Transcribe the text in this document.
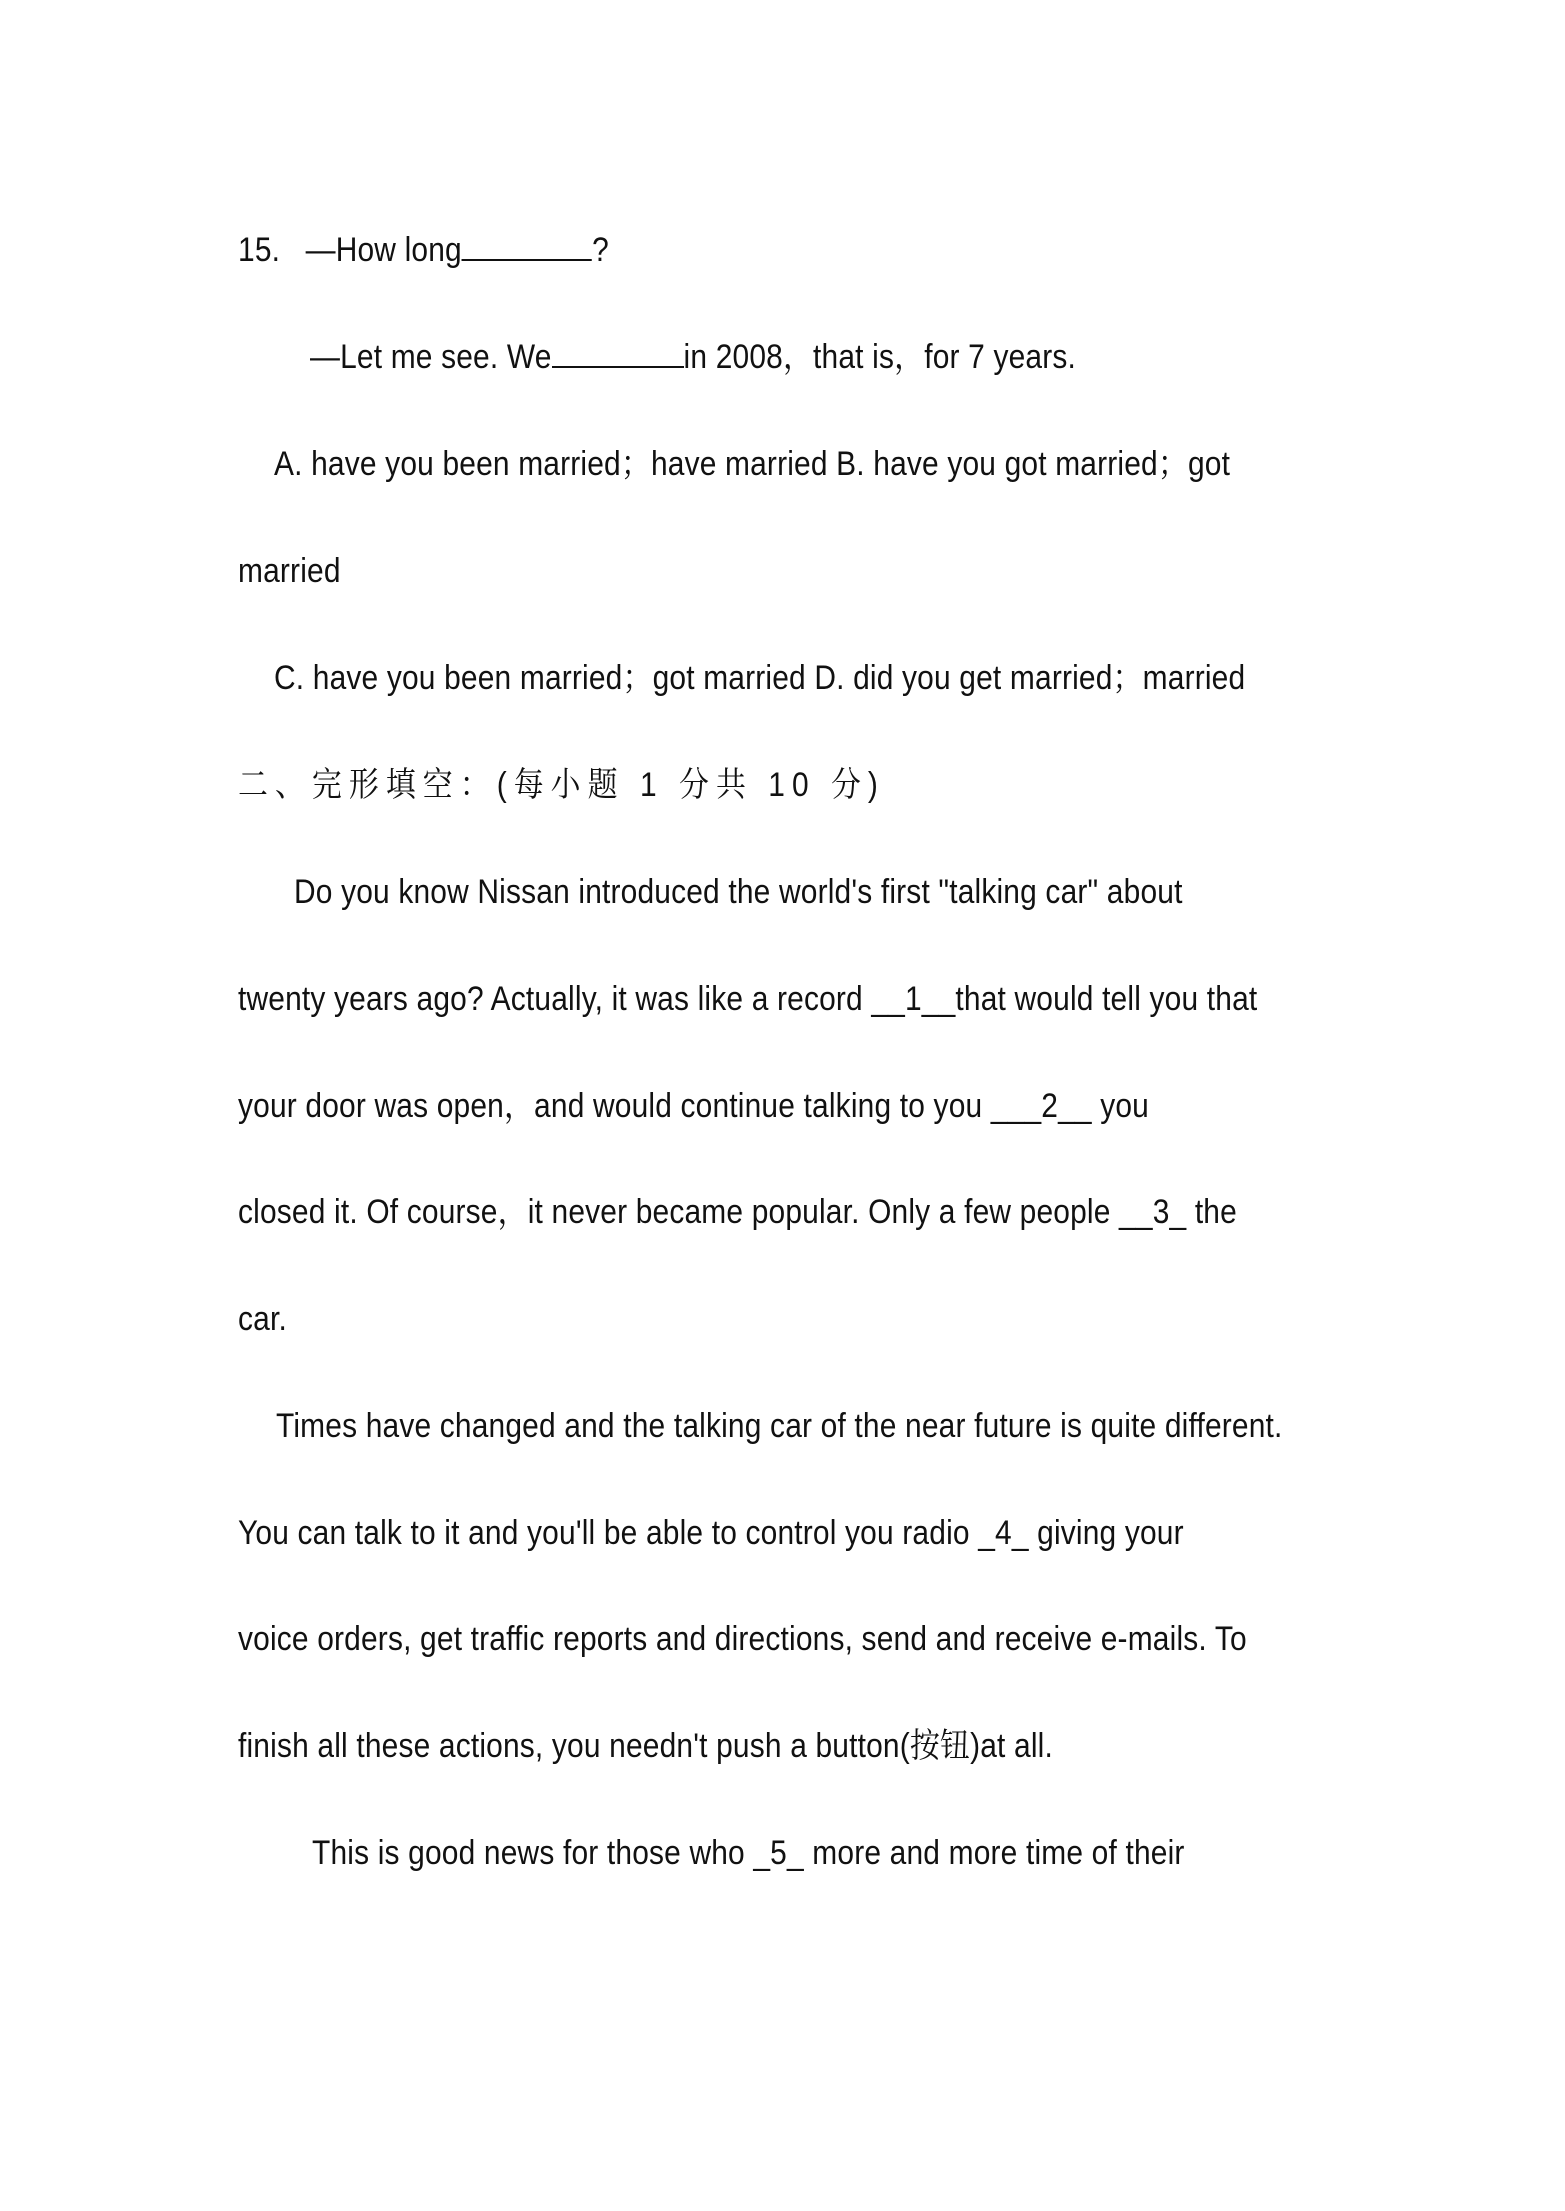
15. —How long	?
—Let me see. We	in 2008，that is，for 7 years.
A. have you been married；have married B. have you got married；got
married
C. have you been married；got married D. did you get married；married
二、完形填空：(每小题 1 分共 10 分)
Do you know Nissan introduced the world's first "talking car" about
twenty years ago? Actually, it was like a record __1__that would tell you that
your door was open，and would continue talking to you ___2__ you
closed it. Of course，it never became popular. Only a few people __3_ the
car.
Times have changed and the talking car of the near future is quite different.
You can talk to it and you'll be able to control you radio _4_ giving your
voice orders, get traffic reports and directions, send and receive e-mails. To
finish all these actions, you needn't push a button(按钮)at all.
This is good news for those who _5_ more and more time of their
